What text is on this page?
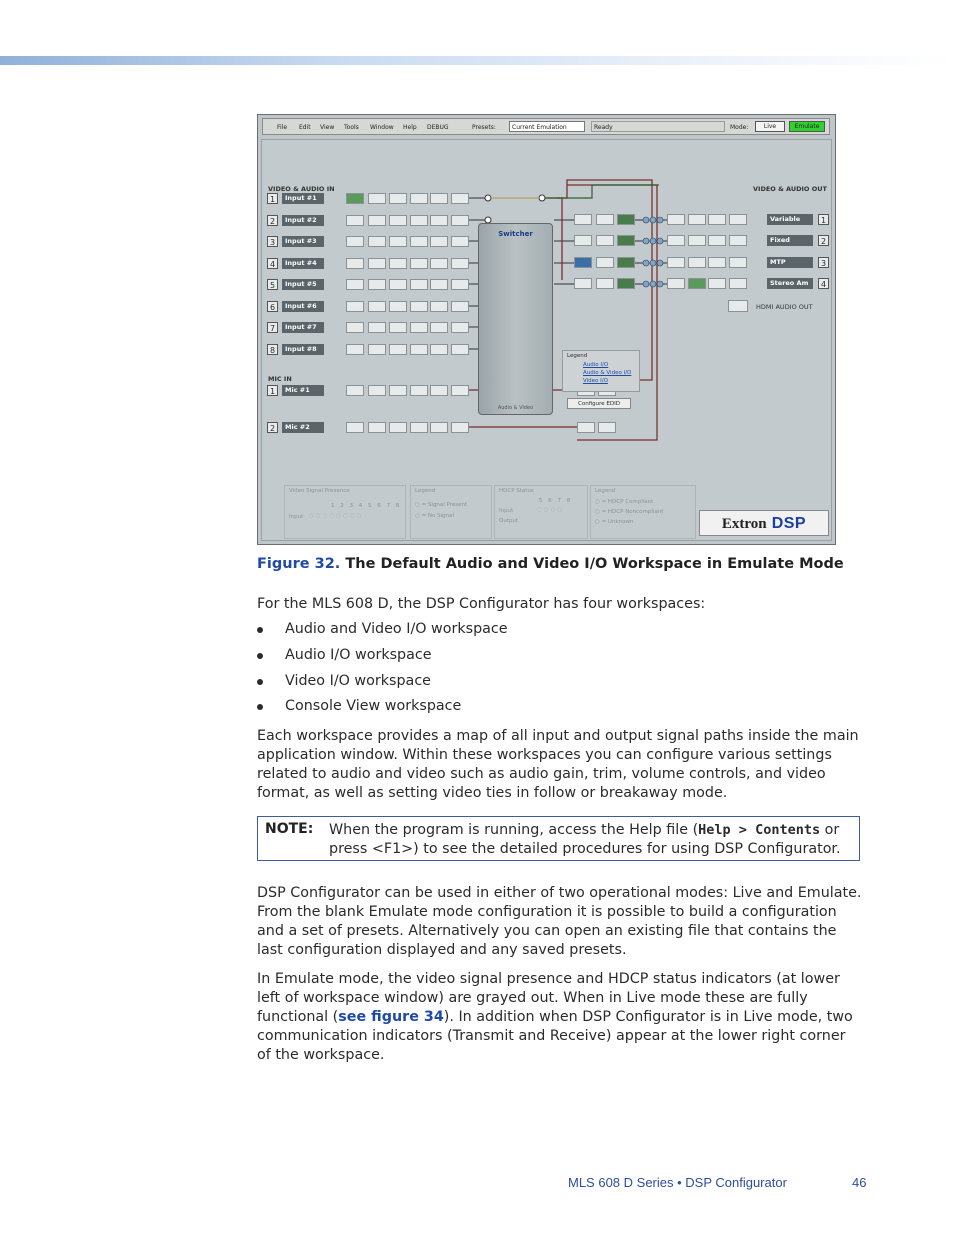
File Edit View Tools Window Help DEBUG	Presets:	Current Emulation	Ready	Mode:	Live	Emulate
VIDEO & AUDIO IN	VIDEO & AUDIO OUT
1	Input #1
2	Input #2
3	Input #3
4	Input #4
5	Input #5
6	Input #6
7	Input #7
8	Input #8
1	Mic #1
2	Mic #2
MIC IN
Switcher
Audio & Video
Variable
Fixed
MTP
Stereo Am
1
2
3
4
HDMI AUDIO OUT
Legend
Audio I/O
Audio & Video I/O
Video I/O
Configure EDID
Video Signal Presence
1 2 3 4 5 6 7 8
Input ○○○○○○○○
Legend
○ = Signal Present
○ = No Signal
HDCP Status
5 6 7 8
Input
Output
○○○○
Legend
○ = HDCP Compliant
○ = HDCP Noncompliant
○ = Unknown	Extron DSP
Figure 32. The Default Audio and Video I/O Workspace in Emulate Mode
For the MLS 608 D, the DSP Configurator has four workspaces:
Audio and Video I/O workspace
Audio I/O workspace
Video I/O workspace
Console View workspace
Each workspace provides a map of all input and output signal paths inside the main application window. Within these workspaces you can configure various settings related to audio and video such as audio gain, trim, volume controls, and video format, as well as setting video ties in follow or breakaway mode.
NOTE: When the program is running, access the Help file (Help > Contents or press <F1>) to see the detailed procedures for using DSP Configurator.
DSP Configurator can be used in either of two operational modes: Live and Emulate. From the blank Emulate mode configuration it is possible to build a configuration and a set of presets. Alternatively you can open an existing file that contains the last configuration displayed and any saved presets.
In Emulate mode, the video signal presence and HDCP status indicators (at lower left of workspace window) are grayed out. When in Live mode these are fully functional (see figure 34). In addition when DSP Configurator is in Live mode, two communication indicators (Transmit and Receive) appear at the lower right corner of the workspace.
MLS 608 D Series • DSP Configurator	46
